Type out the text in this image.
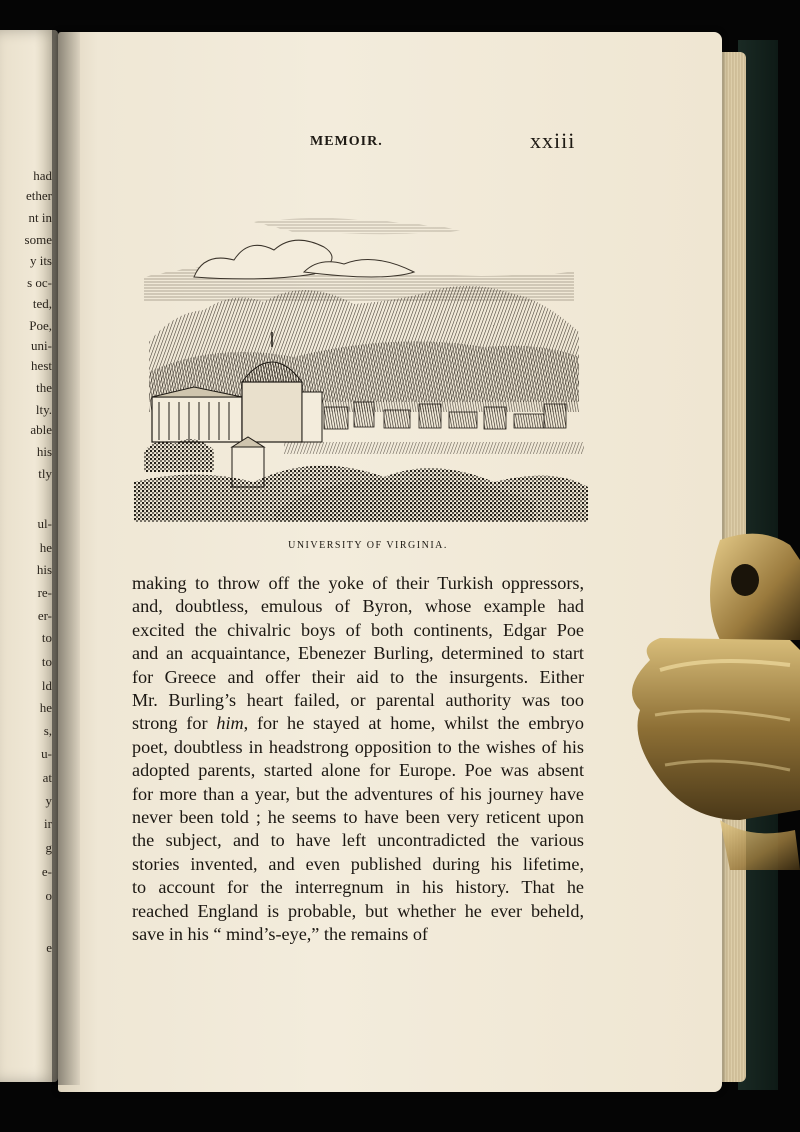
had
ether
nt in
some
y its
s oc-
ted,
Poe,
uni-
hest
the
lty.
able
his
tly
ul-
he
his
re-
er-
to
to
ld
he
s,
u-
at
y
ir
g
e-
o
e
MEMOIR.	xxiii
UNIVERSITY OF VIRGINIA.
making to throw off the yoke of their Turkish oppressors,
and, doubtless, emulous of Byron, whose example had
excited the chivalric boys of both continents, Edgar Poe
and an acquaintance, Ebenezer Burling, determined to start
for Greece and offer their aid to the insurgents. Either
Mr. Burling’s heart failed, or parental authority was too
strong for him, for he stayed at home, whilst the embryo
poet, doubtless in headstrong opposition to the wishes of his
adopted parents, started alone for Europe. Poe was absent
for more than a year, but the adventures of his journey have
never been told ; he seems to have been very reticent upon
the subject, and to have left uncontradicted the various
stories invented, and even published during his lifetime,
to account for the interregnum in his history. That he
reached England is probable, but whether he ever beheld,
save in his “ mind’s-eye,” the remains of
